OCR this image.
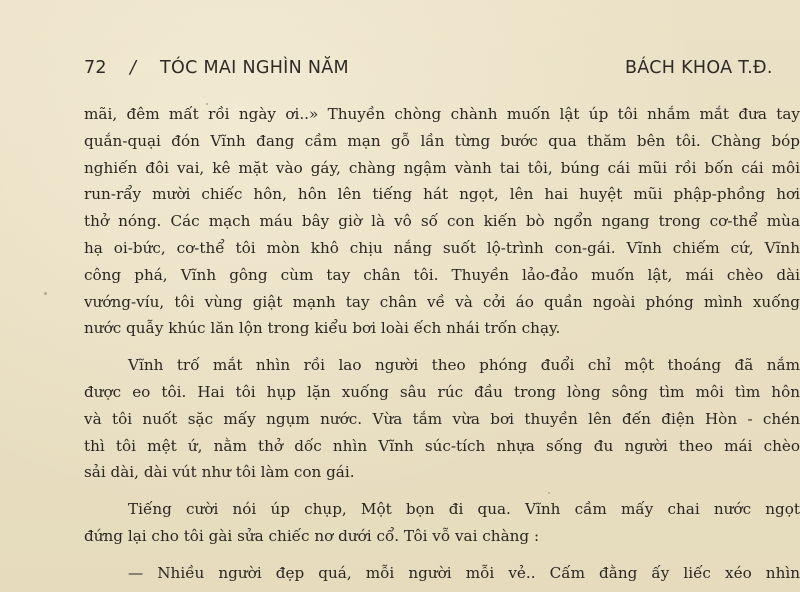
72 / TÓC MAI NGHÌN NĂM	BÁCH KHOA T.Đ.
mãi, đêm mất rồi ngày ơi..» Thuyền chòng chành muốn lật úp tôi nhắm mắt đưa tay
quắn-quại đón Vĩnh đang cầm mạn gỗ lần từng bước qua thăm bên tôi. Chàng bóp
nghiến đôi vai, kê mặt vào gáy, chàng ngậm vành tai tôi, búng cái mũi rồi bốn cái môi
run-rẩy mười chiếc hôn, hôn lên tiếng hát ngọt, lên hai huyệt mũi phập-phồng hơi
thở nóng. Các mạch máu bây giờ là vô số con kiến bò ngổn ngang trong cơ-thể mùa
hạ oi-bức, cơ-thể tôi mòn khô chịu nắng suốt lộ-trình con-gái. Vĩnh chiếm cứ, Vĩnh
công phá, Vĩnh gông cùm tay chân tôi. Thuyền lảo-đảo muốn lật, mái chèo dài
vướng-víu, tôi vùng giật mạnh tay chân về và cởi áo quần ngoài phóng mình xuống
nước quẫy khúc lăn lộn trong kiểu bơi loài ếch nhái trốn chạy.
Vĩnh trố mắt nhìn rồi lao người theo phóng đuổi chỉ một thoáng đã nắm
được eo tôi. Hai tôi hụp lặn xuống sâu rúc đầu trong lòng sông tìm môi tìm hôn
và tôi nuốt sặc mấy ngụm nước. Vừa tắm vừa bơi thuyền lên đến điện Hòn - chén
thì tôi mệt ứ, nằm thở dốc nhìn Vĩnh súc-tích nhựa sống đu người theo mái chèo
sải dài, dài vút như tôi làm con gái.
Tiếng cười nói úp chụp, Một bọn đi qua. Vĩnh cầm mấy chai nước ngọt
đứng lại cho tôi gài sửa chiếc nơ dưới cổ. Tôi vỗ vai chàng :
— Nhiều người đẹp quá, mỗi người mỗi vẻ.. Cấm đằng ấy liếc xéo nhìn
